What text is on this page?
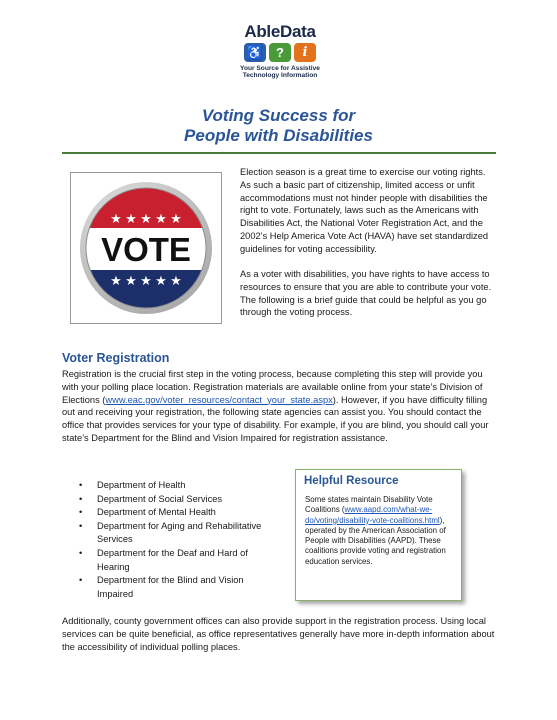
AbleData
♿ ?	i
Your Source for Assistive
Technology Information
Voting Success for
People with Disabilities
★ ★ ★ ★ ★
★ ★ ★ ★ ★
VOTE

Election season is a great time to exercise our voting rights. As such a basic part of citizenship, limited access or unfit accommodations must not hinder people with disabilities the right to vote. Fortunately, laws such as the Americans with Disabilities Act, the National Voter Registration Act, and the 2002’s Help America Vote Act (HAVA) have set standardized guidelines for voting accessibility.

As a voter with disabilities, you have rights to have access to resources to ensure that you are able to contribute your vote. The following is a brief guide that could be helpful as you go through the voting process.

Voter Registration
Registration is the crucial first step in the voting process, because completing this step will provide you with your polling place location. Registration materials are available online from your state’s Division of Elections (www.eac.gov/voter_resources/contact_your_state.aspx). However, if you have difficulty filling out and receiving your registration, the following state agencies can assist you. You should contact the office that provides services for your type of disability. For example, if you are blind, you should call your state’s Department for the Blind and Vision Impaired for registration assistance.
• Department of Health
• Department of Social Services
• Department of Mental Health
• Department for Aging and Rehabilitative Services
• Department for the Deaf and Hard of Hearing
• Department for the Blind and Vision Impaired
Helpful Resource
Some states maintain Disability Vote Coalitions (www.aapd.com/what-we-do/voting/disability-vote-coalitions.html), operated by the American Association of People with Disabilities (AAPD). These coalitions provide voting and registration education services.
Additionally, county government offices can also provide support in the registration process. Using local services can be quite beneficial, as office representatives generally have more in-depth information about the accessibility of individual polling places.
